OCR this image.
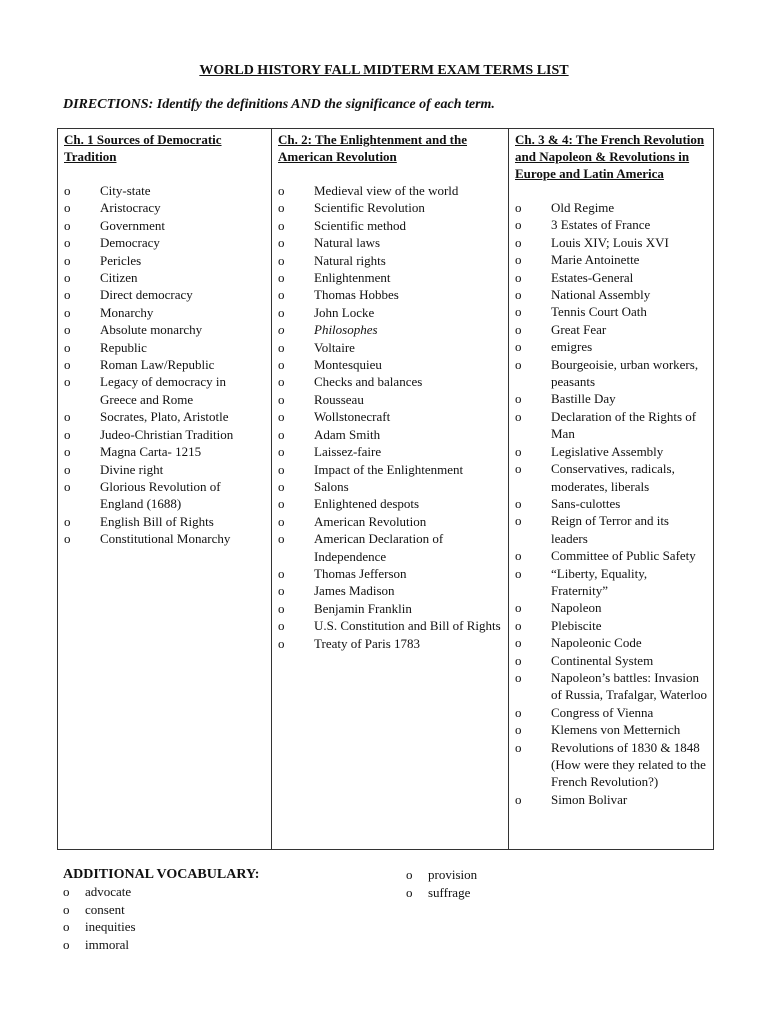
WORLD HISTORY FALL MIDTERM EXAM TERMS LIST
DIRECTIONS: Identify the definitions AND the significance of each term.
Ch. 1 Sources of Democratic Tradition
o City-state
o Aristocracy
o Government
o Democracy
o Pericles
o Citizen
o Direct democracy
o Monarchy
o Absolute monarchy
o Republic
o Roman Law/Republic
o Legacy of democracy in Greece and Rome
o Socrates, Plato, Aristotle
o Judeo-Christian Tradition
o Magna Carta- 1215
o Divine right
o Glorious Revolution of England (1688)
o English Bill of Rights
o Constitutional Monarchy

Ch. 2: The Enlightenment and the American Revolution
o Medieval view of the world
o Scientific Revolution
o Scientific method
o Natural laws
o Natural rights
o Enlightenment
o Thomas Hobbes
o John Locke
o Philosophes
o Voltaire
o Montesquieu
o Checks and balances
o Rousseau
o Wollstonecraft
o Adam Smith
o Laissez-faire
o Impact of the Enlightenment
o Salons
o Enlightened despots
o American Revolution
o American Declaration of Independence
o Thomas Jefferson
o James Madison
o Benjamin Franklin
o U.S. Constitution and Bill of Rights
o Treaty of Paris 1783

Ch. 3 & 4: The French Revolution and Napoleon & Revolutions in Europe and Latin America
o Old Regime
o 3 Estates of France
o Louis XIV; Louis XVI
o Marie Antoinette
o Estates-General
o National Assembly
o Tennis Court Oath
o Great Fear
o emigres
o Bourgeoisie, urban workers, peasants
o Bastille Day
o Declaration of the Rights of Man
o Legislative Assembly
o Conservatives, radicals, moderates, liberals
o Sans-culottes
o Reign of Terror and its leaders
o Committee of Public Safety
o “Liberty, Equality, Fraternity”
o Napoleon
o Plebiscite
o Napoleonic Code
o Continental System
o Napoleon’s battles: Invasion of Russia, Trafalgar, Waterloo
o Congress of Vienna
o Klemens von Metternich
o Revolutions of 1830 & 1848 (How were they related to the French Revolution?)
o Simon Bolivar
ADDITIONAL VOCABULARY:
o advocate
o consent
o inequities
o immoral
o provision
o suffrage
